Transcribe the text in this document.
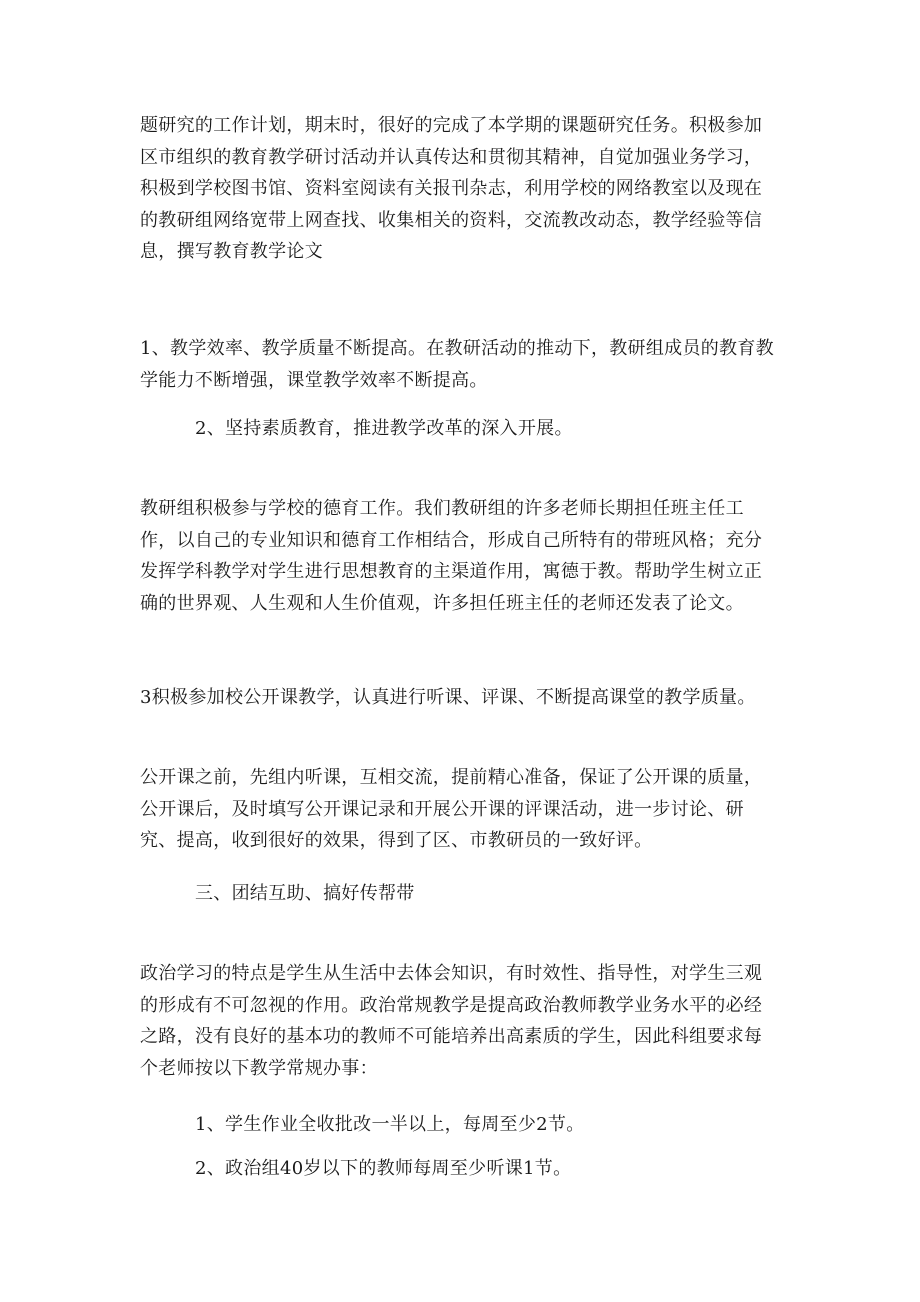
题研究的工作计划，期末时，很好的完成了本学期的课题研究任务。积极参加区市组织的教育教学研讨活动并认真传达和贯彻其精神，自觉加强业务学习，积极到学校图书馆、资料室阅读有关报刊杂志，利用学校的网络教室以及现在的教研组网络宽带上网查找、收集相关的资料，交流教改动态，教学经验等信息，撰写教育教学论文

1、教学效率、教学质量不断提高。在教研活动的推动下，教研组成员的教育教学能力不断增强，课堂教学效率不断提高。

2、坚持素质教育，推进教学改革的深入开展。

教研组积极参与学校的德育工作。我们教研组的许多老师长期担任班主任工作，以自己的专业知识和德育工作相结合，形成自己所特有的带班风格；充分发挥学科教学对学生进行思想教育的主渠道作用，寓德于教。帮助学生树立正确的世界观、人生观和人生价值观，许多担任班主任的老师还发表了论文。

3积极参加校公开课教学，认真进行听课、评课、不断提高课堂的教学质量。

公开课之前，先组内听课，互相交流，提前精心准备，保证了公开课的质量，公开课后，及时填写公开课记录和开展公开课的评课活动，进一步讨论、研究、提高，收到很好的效果，得到了区、市教研员的一致好评。

三、团结互助、搞好传帮带

政治学习的特点是学生从生活中去体会知识，有时效性、指导性，对学生三观的形成有不可忽视的作用。政治常规教学是提高政治教师教学业务水平的必经之路，没有良好的基本功的教师不可能培养出高素质的学生，因此科组要求每个老师按以下教学常规办事：

1、学生作业全收批改一半以上，每周至少2节。

2、政治组40岁以下的教师每周至少听课1节。
